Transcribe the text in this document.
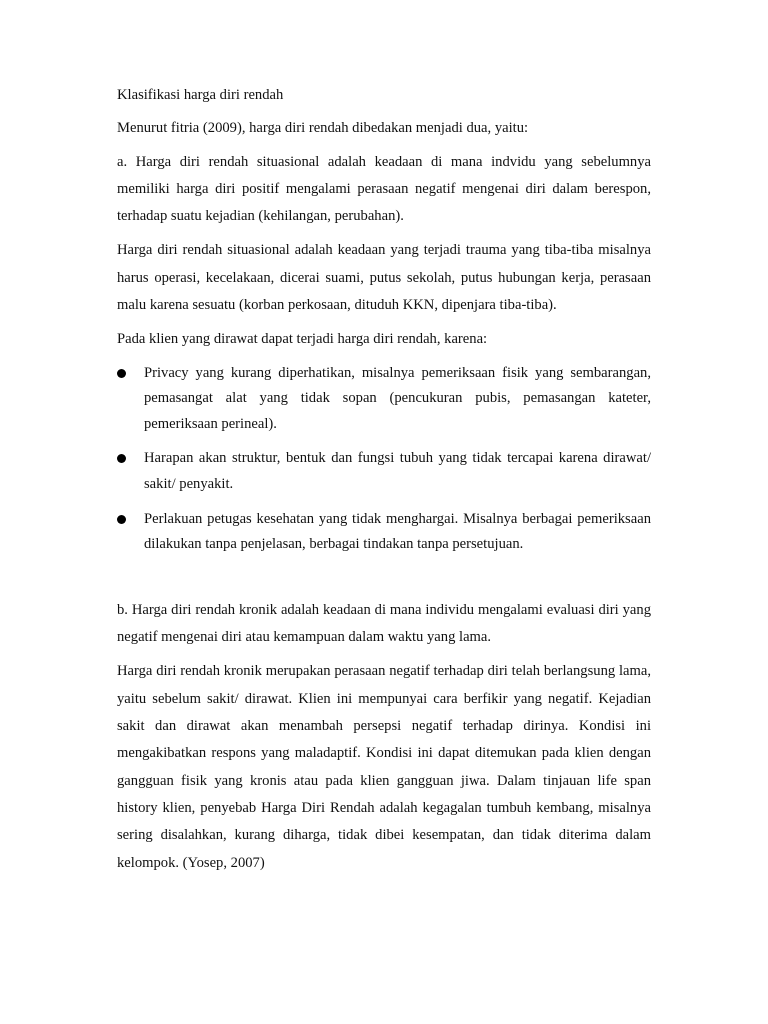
Klasifikasi harga diri rendah

Menurut fitria (2009), harga diri rendah dibedakan menjadi dua, yaitu:

a. Harga diri rendah situasional adalah keadaan di mana indvidu yang sebelumnya memiliki harga diri positif mengalami perasaan negatif mengenai diri dalam berespon, terhadap suatu kejadian (kehilangan, perubahan).

Harga diri rendah situasional adalah keadaan yang terjadi trauma yang tiba-tiba misalnya harus operasi, kecelakaan, dicerai suami, putus sekolah, putus hubungan kerja, perasaan malu karena sesuatu (korban perkosaan, dituduh KKN, dipenjara tiba-tiba).

Pada klien yang dirawat dapat terjadi harga diri rendah, karena:

Privacy yang kurang diperhatikan, misalnya pemeriksaan fisik yang sembarangan, pemasangat alat yang tidak sopan (pencukuran pubis, pemasangan kateter, pemeriksaan perineal).
Harapan akan struktur, bentuk dan fungsi tubuh yang tidak tercapai karena dirawat/ sakit/ penyakit.
Perlakuan petugas kesehatan yang tidak menghargai. Misalnya berbagai pemeriksaan dilakukan tanpa penjelasan, berbagai tindakan tanpa persetujuan.

b. Harga diri rendah kronik adalah keadaan di mana individu mengalami evaluasi diri yang negatif mengenai diri atau kemampuan dalam waktu yang lama.

Harga diri rendah kronik merupakan perasaan negatif terhadap diri telah berlangsung lama, yaitu sebelum sakit/ dirawat. Klien ini mempunyai cara berfikir yang negatif. Kejadian sakit dan dirawat akan menambah persepsi negatif terhadap dirinya. Kondisi ini mengakibatkan respons yang maladaptif. Kondisi ini dapat ditemukan pada klien dengan gangguan fisik yang kronis atau pada klien gangguan jiwa. Dalam tinjauan life span history klien, penyebab Harga Diri Rendah adalah kegagalan tumbuh kembang, misalnya sering disalahkan, kurang diharga, tidak dibei kesempatan, dan tidak diterima dalam kelompok. (Yosep, 2007)
